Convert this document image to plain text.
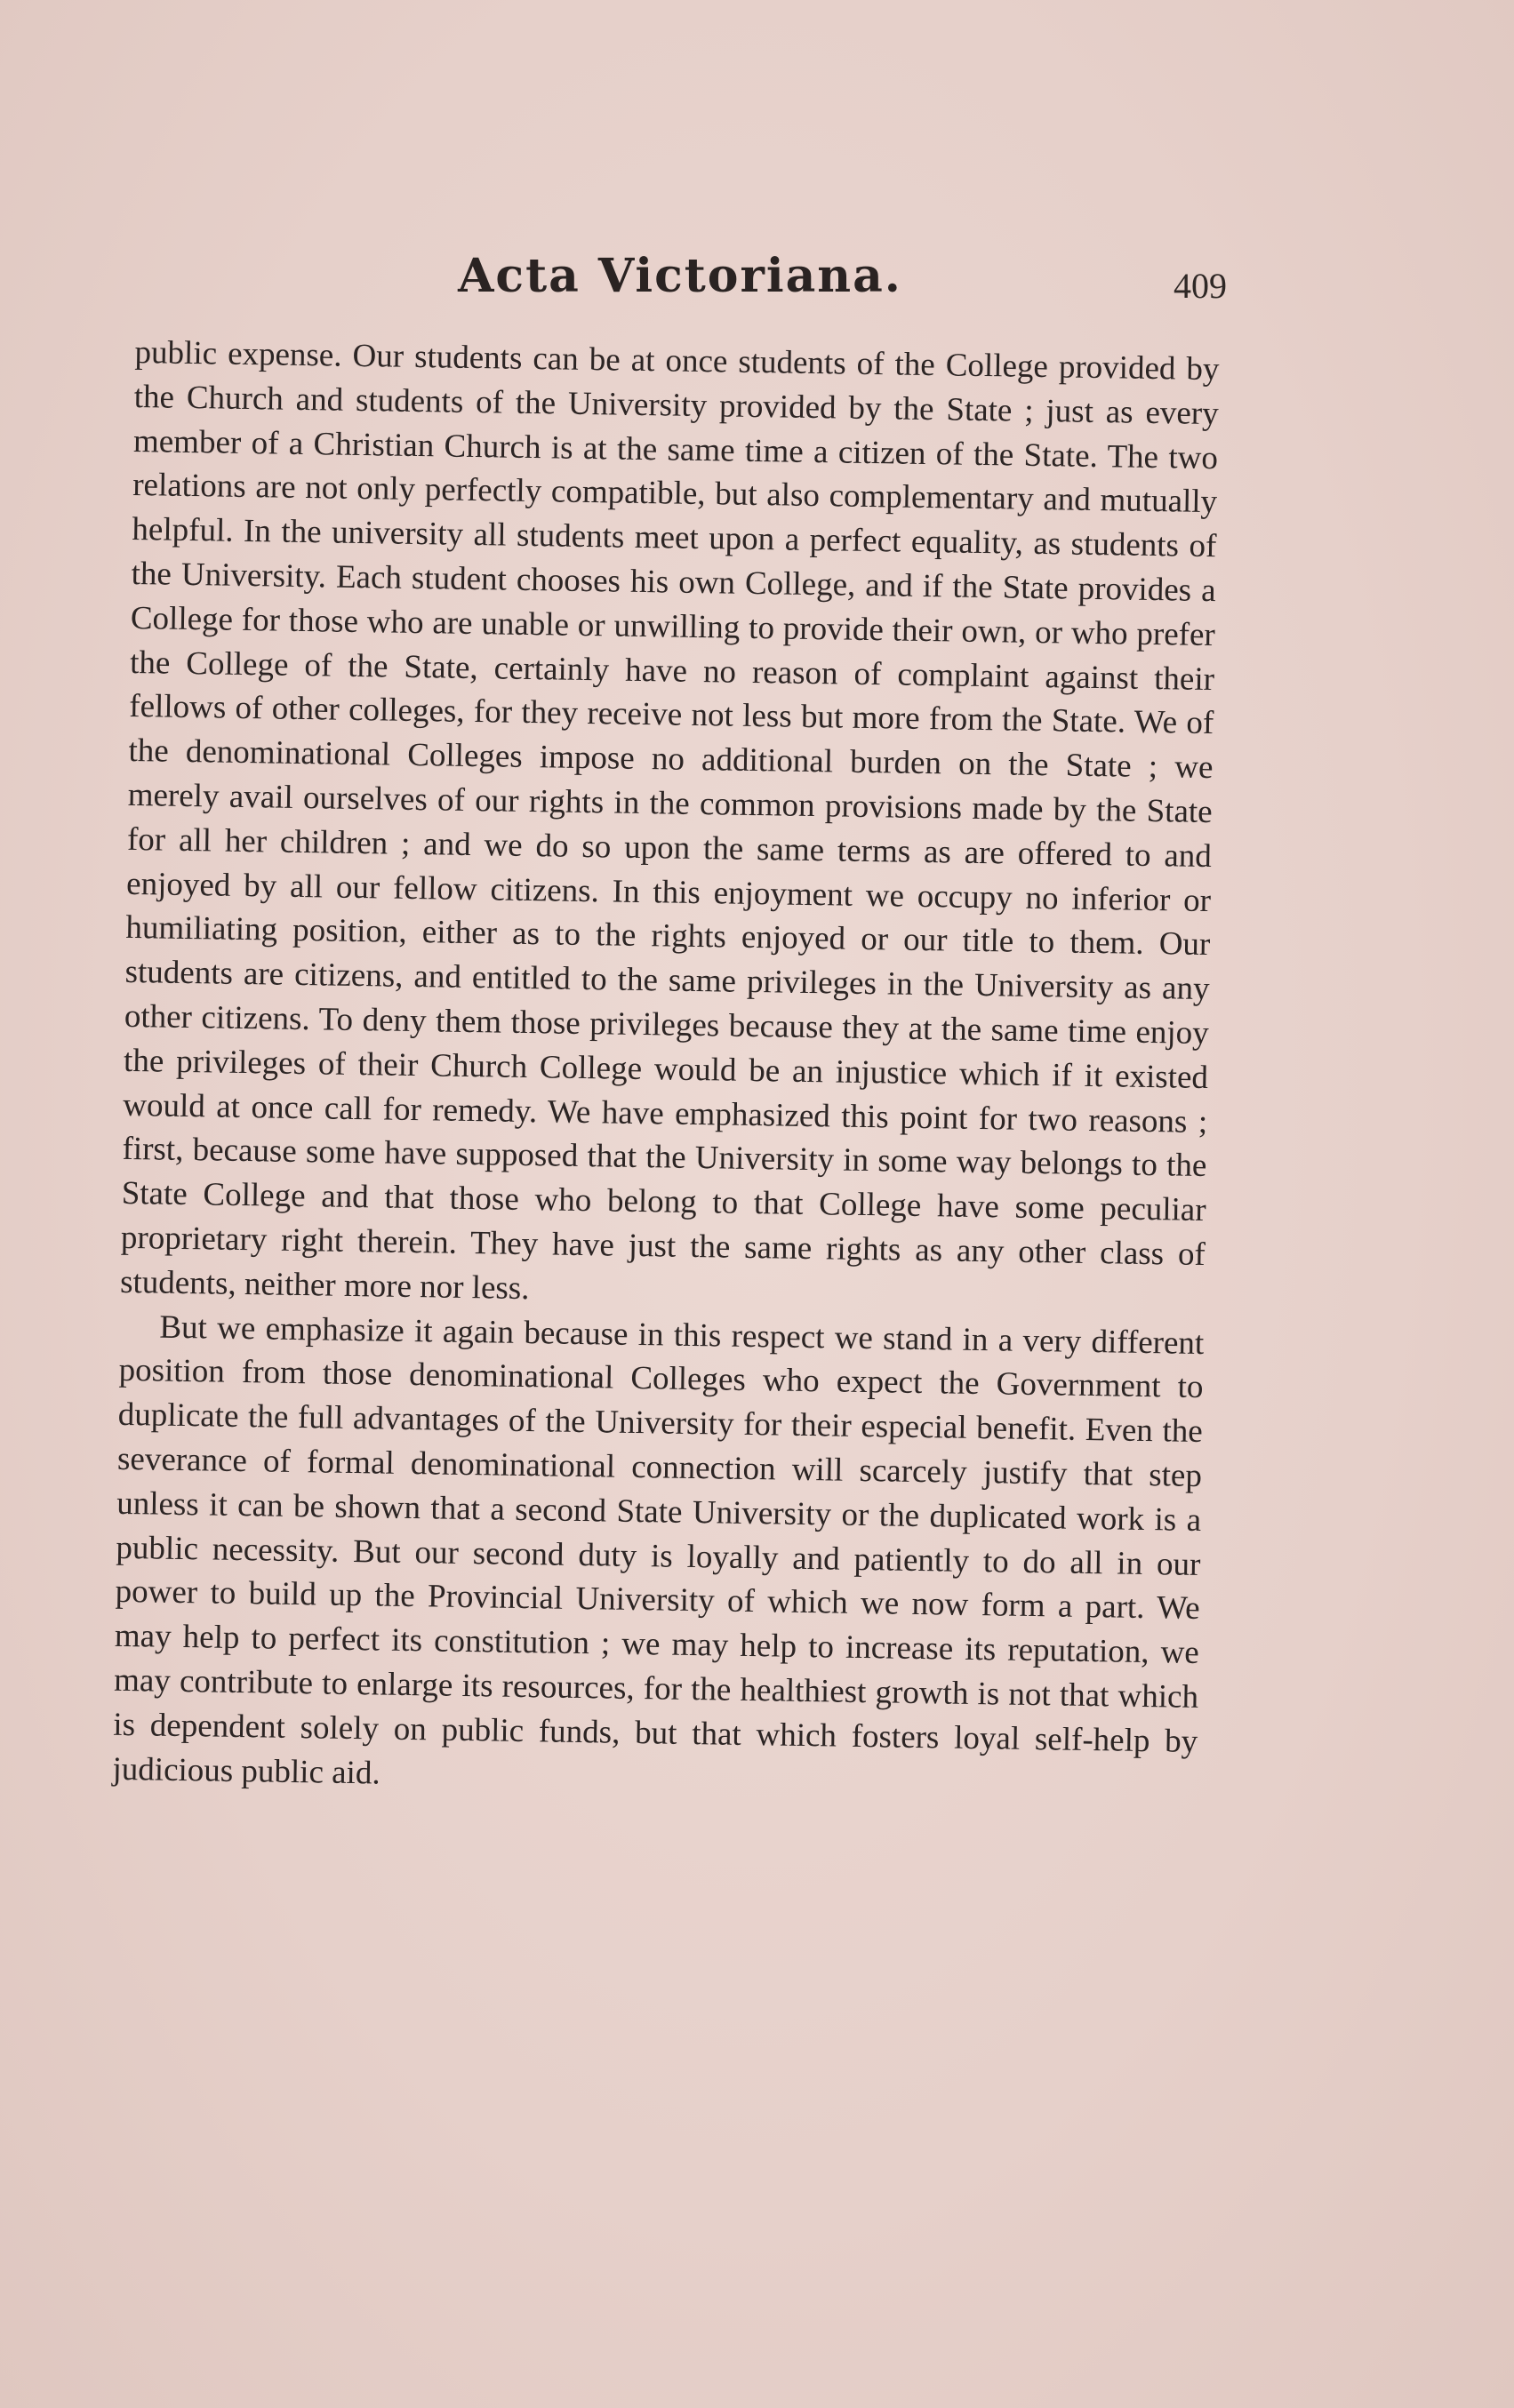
Acta Victoriana.	409

public expense. Our students can be at once students of the College provided by the Church and students of the University provided by the State ; just as every member of a Christian Church is at the same time a citizen of the State. The two relations are not only perfectly compatible, but also complementary and mutually helpful. In the university all students meet upon a perfect equality, as students of the University. Each student chooses his own College, and if the State provides a College for those who are unable or unwilling to provide their own, or who prefer the College of the State, certainly have no reason of complaint against their fellows of other colleges, for they receive not less but more from the State. We of the denominational Colleges impose no additional burden on the State ; we merely avail ourselves of our rights in the common provisions made by the State for all her children ; and we do so upon the same terms as are offered to and enjoyed by all our fellow citizens. In this enjoyment we occupy no inferior or humiliating position, either as to the rights enjoyed or our title to them. Our students are citizens, and entitled to the same privileges in the University as any other citizens. To deny them those privileges because they at the same time enjoy the privileges of their Church College would be an injustice which if it existed would at once call for remedy. We have emphasized this point for two reasons ; first, because some have supposed that the University in some way belongs to the State College and that those who belong to that College have some peculiar proprietary right therein. They have just the same rights as any other class of students, neither more nor less.

But we emphasize it again because in this respect we stand in a very different position from those denominational Colleges who expect the Government to duplicate the full advantages of the University for their especial benefit. Even the severance of formal denominational connection will scarcely justify that step unless it can be shown that a second State University or the duplicated work is a public necessity. But our second duty is loyally and patiently to do all in our power to build up the Provincial University of which we now form a part. We may help to perfect its constitution ; we may help to increase its reputation, we may contribute to enlarge its resources, for the healthiest growth is not that which is dependent solely on public funds, but that which fosters loyal self-help by judicious public aid.
